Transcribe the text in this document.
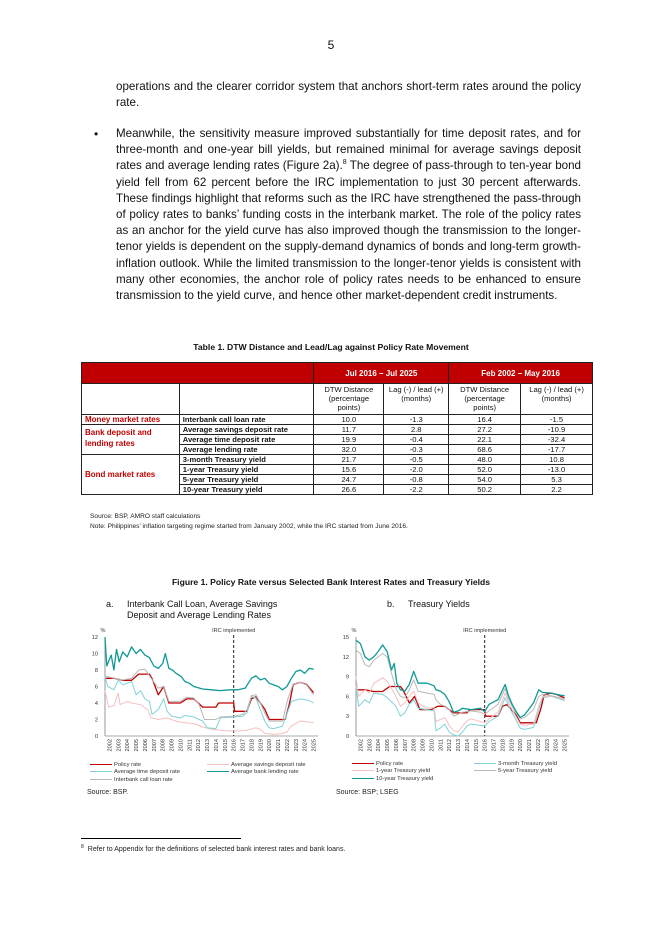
5
operations and the clearer corridor system that anchors short-term rates around the policy rate.
• Meanwhile, the sensitivity measure improved substantially for time deposit rates, and for three-month and one-year bill yields, but remained minimal for average savings deposit rates and average lending rates (Figure 2a).$^8$ The degree of pass-through to ten-year bond yield fell from 62 percent before the IRC implementation to just 30 percent afterwards. These findings highlight that reforms such as the IRC have strengthened the pass-through of policy rates to banks’ funding costs in the interbank market. The role of the policy rates as an anchor for the yield curve has also improved though the transmission to the longer-tenor yields is dependent on the supply-demand dynamics of bonds and long-term growth-inflation outlook. While the limited transmission to the longer-tenor yields is consistent with many other economies, the anchor role of policy rates needs to be enhanced to ensure transmission to the yield curve, and hence other market-dependent credit instruments.
Table 1. DTW Distance and Lead/Lag against Policy Rate Movement
		Jul 2016 – Jul 2025		Feb 2002 – May 2016	
		DTW Distance (percentage points)	Lag (-) / lead (+) (months)	DTW Distance (percentage points)	Lag (-) / lead (+) (months)
Money market rates	Interbank call loan rate	10.0	-1.3	16.4	-1.5
Bank deposit and lending rates	Average savings deposit rate	11.7	2.8	27.2	-10.9
	Average time deposit rate	19.9	-0.4	22.1	-32.4
	Average lending rate	32.0	-0.3	68.6	-17.7
Bond market rates	3-month Treasury yield	21.7	-0.5	48.0	10.8
	1-year Treasury yield	15.6	-2.0	52.0	-13.0
	5-year Treasury yield	24.7	-0.8	54.0	5.3
	10-year Treasury yield	26.6	-2.2	50.2	2.2
Source: BSP, AMRO staff calculations
Note: Philippines’ inflation targeting regime started from January 2002, while the IRC started from June 2016.
Figure 1. Policy Rate versus Selected Bank Interest Rates and Treasury Yields
a. Interbank Call Loan, Average Savings
Deposit and Average Lending Rates
b. Treasury Yields
%
0
2
4
6
8
10
12
2002 2003 2004 2005 2006 2007 2008 2009 2010 2011 2012 2013 2014 2015 2016 2017 2018 2019 2020 2021 2022 2023 2024 2025
IRC implemented	%
0
3
6
9
12
15
2002 2003 2004 2005 2006 2007 2008 2009 2010 2011 2012 2013 2014 2015 2016 2017 2018 2019 2020 2021 2022 2023 2024 2025
IRC implemented
Policy rate	Average savings deposit rate
Average time deposit rate	Average bank lending rate
Interbank call loan rate
Policy rate	3-month Treasury yield
1-year Treasury yield	5-year Treasury yield
10-year Treasury yield
Source: BSP.	Source: BSP; LSEG
$^8$ Refer to Appendix for the definitions of selected bank interest rates and bank loans.
